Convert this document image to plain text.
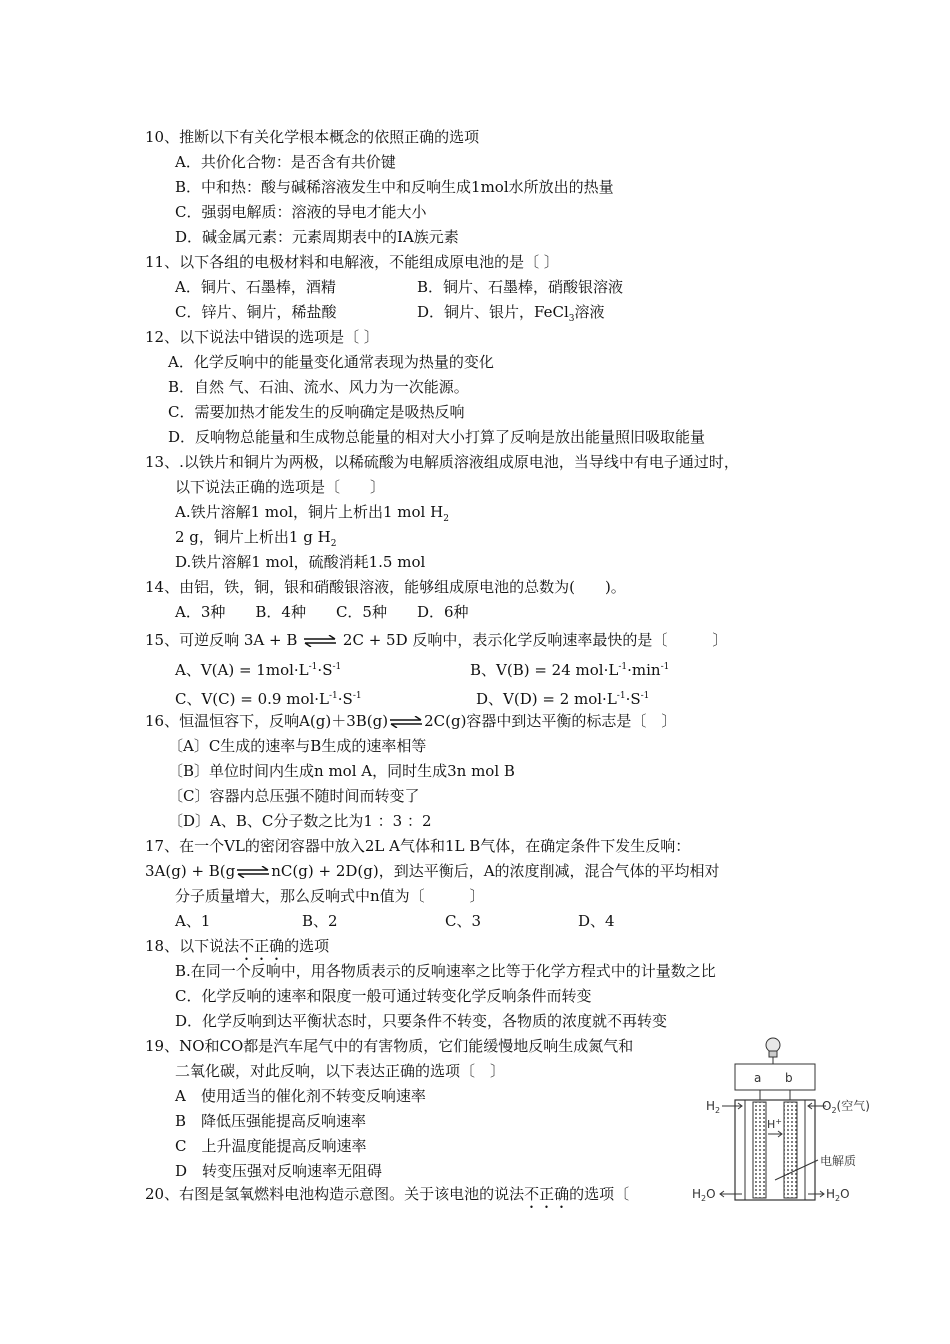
10、推断以下有关化学根本概念的依照正确的选项
A．共价化合物：是否含有共价键
B．中和热：酸与碱稀溶液发生中和反响生成1mol水所放出的热量
C．强弱电解质：溶液的导电才能大小
D．碱金属元素：元素周期表中的IA族元素
11、以下各组的电极材料和电解液，不能组成原电池的是〔 〕
A．铜片、石墨棒，酒精	B．铜片、石墨棒，硝酸银溶液
C．锌片、铜片，稀盐酸	D．铜片、银片，FeCl$_3$溶液
12、以下说法中错误的选项是〔 〕
A．化学反响中的能量变化通常表现为热量的变化
B．自然 气、石油、流水、风力为一次能源。
C．需要加热才能发生的反响确定是吸热反响
D．反响物总能量和生成物总能量的相对大小打算了反响是放出能量照旧吸取能量
13、.以铁片和铜片为两极，以稀硫酸为电解质溶液组成原电池，当导线中有电子通过时，
以下说法正确的选项是〔　　〕
A.铁片溶解1 mol，铜片上析出1 mol $H_2$
2 g，铜片上析出1 g $H_2$
D.铁片溶解1 mol，硫酸消耗1.5 mol
14、由铝，铁，铜，银和硝酸银溶液，能够组成原电池的总数为(　　)。
A．3种　　B．4种　　C．5种　　D．6种
15、可逆反响 3A + B ⇌ 2C + 5D 反响中，表示化学反响速率最快的是〔　　　〕
A、$V(A) = 1mol\cdot L^{-1}\cdot S^{-1}$	B、V(B) = 24 $mol\cdot L^{-1}\cdot\min^{-1}$
C、V(C) = 0.9 $mol\cdot L^{-1}\cdot S^{-1}$	D、V(D) = 2 $mol\cdot L^{-1}\cdot S^{-1}$
16、恒温恒容下，反响A(g)＋3B(g)⇌2C(g)容器中到达平衡的标志是〔　〕
〔A〕C生成的速率与B生成的速率相等
〔B〕单位时间内生成n mol A，同时生成3n mol B
〔C〕容器内总压强不随时间而转变了
〔D〕A、B、C分子数之比为1 ：3 ：2
17、在一个VL的密闭容器中放入2L A气体和1L B气体，在确定条件下发生反响：
3A(g) + B(g⇌nC(g) + 2D(g)，到达平衡后，A的浓度削减，混合气体的平均相对
分子质量增大，那么反响式中n值为〔　　　〕
A、1	B、2	C、3	D、4
18、以下说法不正确的选项
B.在同一个反响中，用各物质表示的反响速率之比等于化学方程式中的计量数之比
C．化学反响的速率和限度一般可通过转变化学反响条件而转变
D．化学反响到达平衡状态时，只要条件不转变，各物质的浓度就不再转变
19、NO和CO都是汽车尾气中的有害物质，它们能缓慢地反响生成氮气和
二氧化碳，对此反响，以下表达正确的选项〔　〕
A　使用适当的催化剂不转变反响速率
B　降低压强能提高反响速率
C　上升温度能提高反响速率
D　转变压强对反响速率无阻碍
20、右图是氢氧燃料电池构造示意图。关于该电池的说法不正确的选项〔
a b
H+
$H_2$	$O_2$(空气)
电解质
$H_2O$	$H_2O$
